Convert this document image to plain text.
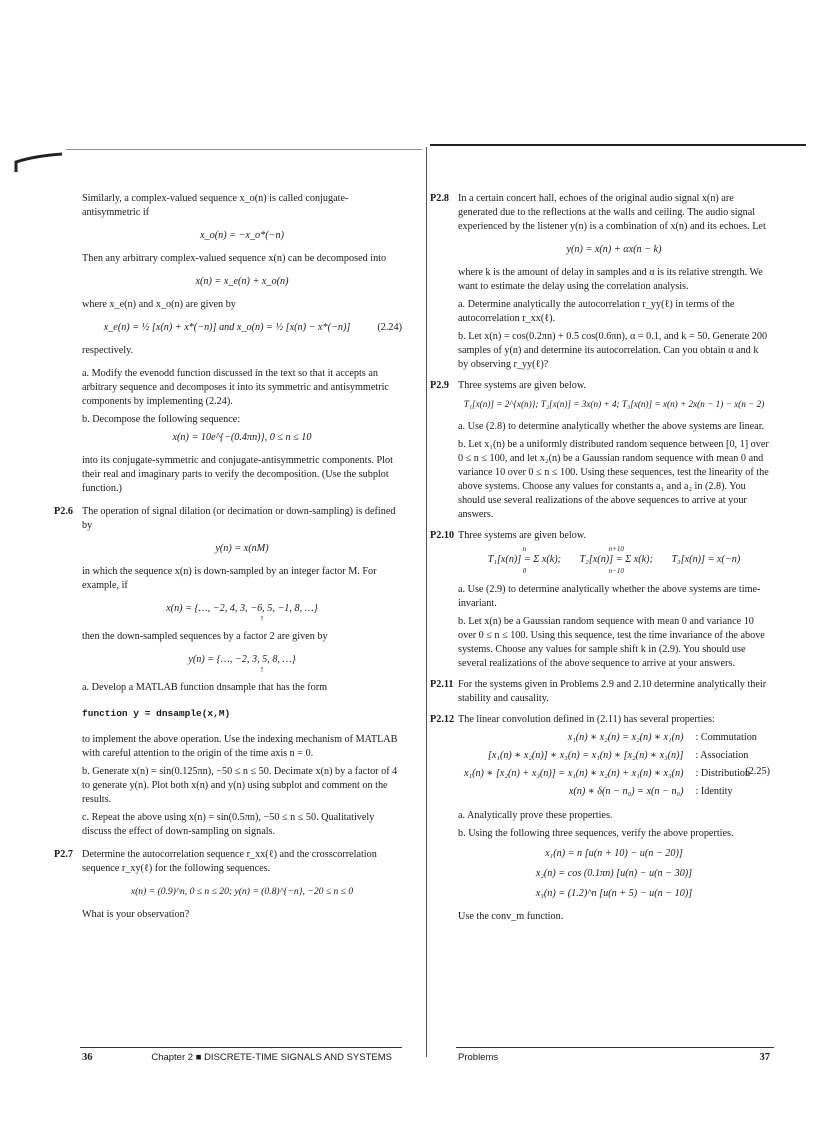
Similarly, a complex-valued sequence x_o(n) is called conjugate-antisymmetric if

x_o(n) = −x_o*(−n)

Then any arbitrary complex-valued sequence x(n) can be decomposed into

x(n) = x_e(n) + x_o(n)

where x_e(n) and x_o(n) are given by

x_e(n) = ½ [x(n) + x*(−n)] and x_o(n) = ½ [x(n) − x*(−n)]	(2.24)

respectively.

a. Modify the evenodd function discussed in the text so that it accepts an arbitrary sequence and decomposes it into its symmetric and antisymmetric components by implementing (2.24).

b. Decompose the following sequence:

x(n) = 10e^{−(0.4πn)}, 0 ≤ n ≤ 10

into its conjugate-symmetric and conjugate-antisymmetric components. Plot their real and imaginary parts to verify the decomposition. (Use the subplot function.)

P2.6 The operation of signal dilation (or decimation or down-sampling) is defined by

y(n) = x(nM)

in which the sequence x(n) is down-sampled by an integer factor M. For example, if

x(n) = {…, −2, 4, 3, −6, 5, −1, 8, …}
↑

then the down-sampled sequences by a factor 2 are given by

y(n) = {…, −2, 3, 5, 8, …}
↑

a. Develop a MATLAB function dnsample that has the form

function y = dnsample(x,M)

to implement the above operation. Use the indexing mechanism of MATLAB with careful attention to the origin of the time axis n = 0.

b. Generate x(n) = sin(0.125πn), −50 ≤ n ≤ 50. Decimate x(n) by a factor of 4 to generate y(n). Plot both x(n) and y(n) using subplot and comment on the results.

c. Repeat the above using x(n) = sin(0.5πn), −50 ≤ n ≤ 50. Qualitatively discuss the effect of down-sampling on signals.

P2.7 Determine the autocorrelation sequence r_xx(ℓ) and the crosscorrelation sequence r_xy(ℓ) for the following sequences.

x(n) = (0.9)^n, 0 ≤ n ≤ 20; y(n) = (0.8)^{−n}, −20 ≤ n ≤ 0

What is your observation?

36	Chapter 2 ■ DISCRETE-TIME SIGNALS AND SYSTEMS
P2.8 In a certain concert hall, echoes of the original audio signal x(n) are generated due to the reflections at the walls and ceiling. The audio signal experienced by the listener y(n) is a combination of x(n) and its echoes. Let

y(n) = x(n) + αx(n − k)

where k is the amount of delay in samples and α is its relative strength. We want to estimate the delay using the correlation analysis.

a. Determine analytically the autocorrelation r_yy(ℓ) in terms of the autocorrelation r_xx(ℓ).

b. Let x(n) = cos(0.2πn) + 0.5 cos(0.6πn), α = 0.1, and k = 50. Generate 200 samples of y(n) and determine its autocorrelation. Can you obtain α and k by observing r_yy(ℓ)?

P2.9 Three systems are given below.

T₁[x(n)] = 2^{x(n)}; T₂[x(n)] = 3x(n) + 4; T₃[x(n)] = x(n) + 2x(n − 1) − x(n − 2)

a. Use (2.8) to determine analytically whether the above systems are linear.

b. Let x₁(n) be a uniformly distributed random sequence between [0, 1] over 0 ≤ n ≤ 100, and let x₂(n) be a Gaussian random sequence with mean 0 and variance 10 over 0 ≤ n ≤ 100. Using these sequences, test the linearity of the above systems. Choose any values for constants a₁ and a₂ in (2.8). You should use several realizations of the above sequences to arrive at your answers.

P2.10 Three systems are given below.

n
T₁[x(n)] = Σ x(k);
0

n+10
T₂[x(n)] = Σ x(k);
n−10
T₃[x(n)] = x(−n)

a. Use (2.9) to determine analytically whether the above systems are time-invariant.

b. Let x(n) be a Gaussian random sequence with mean 0 and variance 10 over 0 ≤ n ≤ 100. Using this sequence, test the time invariance of the above systems. Choose any values for sample shift k in (2.9). You should use several realizations of the above sequence to arrive at your answers.

P2.11 For the systems given in Problems 2.9 and 2.10 determine analytically their stability and causality.

P2.12 The linear convolution defined in (2.11) has several properties:

x₁(n) ∗ x₂(n) = x₂(n) ∗ x₁(n)	: Commutation
[x₁(n) ∗ x₂(n)] ∗ x₃(n) = x₁(n) ∗ [x₂(n) ∗ x₃(n)]	: Association
x₁(n) ∗ [x₂(n) + x₃(n)] = x₁(n) ∗ x₂(n) + x₁(n) ∗ x₃(n)	: Distribution
x(n) ∗ δ(n − n₀) = x(n − n₀)	: Identity
(2.25)

a. Analytically prove these properties.

b. Using the following three sequences, verify the above properties.

x₁(n) = n [u(n + 10) − u(n − 20)]
x₂(n) = cos (0.1πn) [u(n) − u(n − 30)]
x₃(n) = (1.2)^n [u(n + 5) − u(n − 10)]

Use the conv_m function.

Problems	37
